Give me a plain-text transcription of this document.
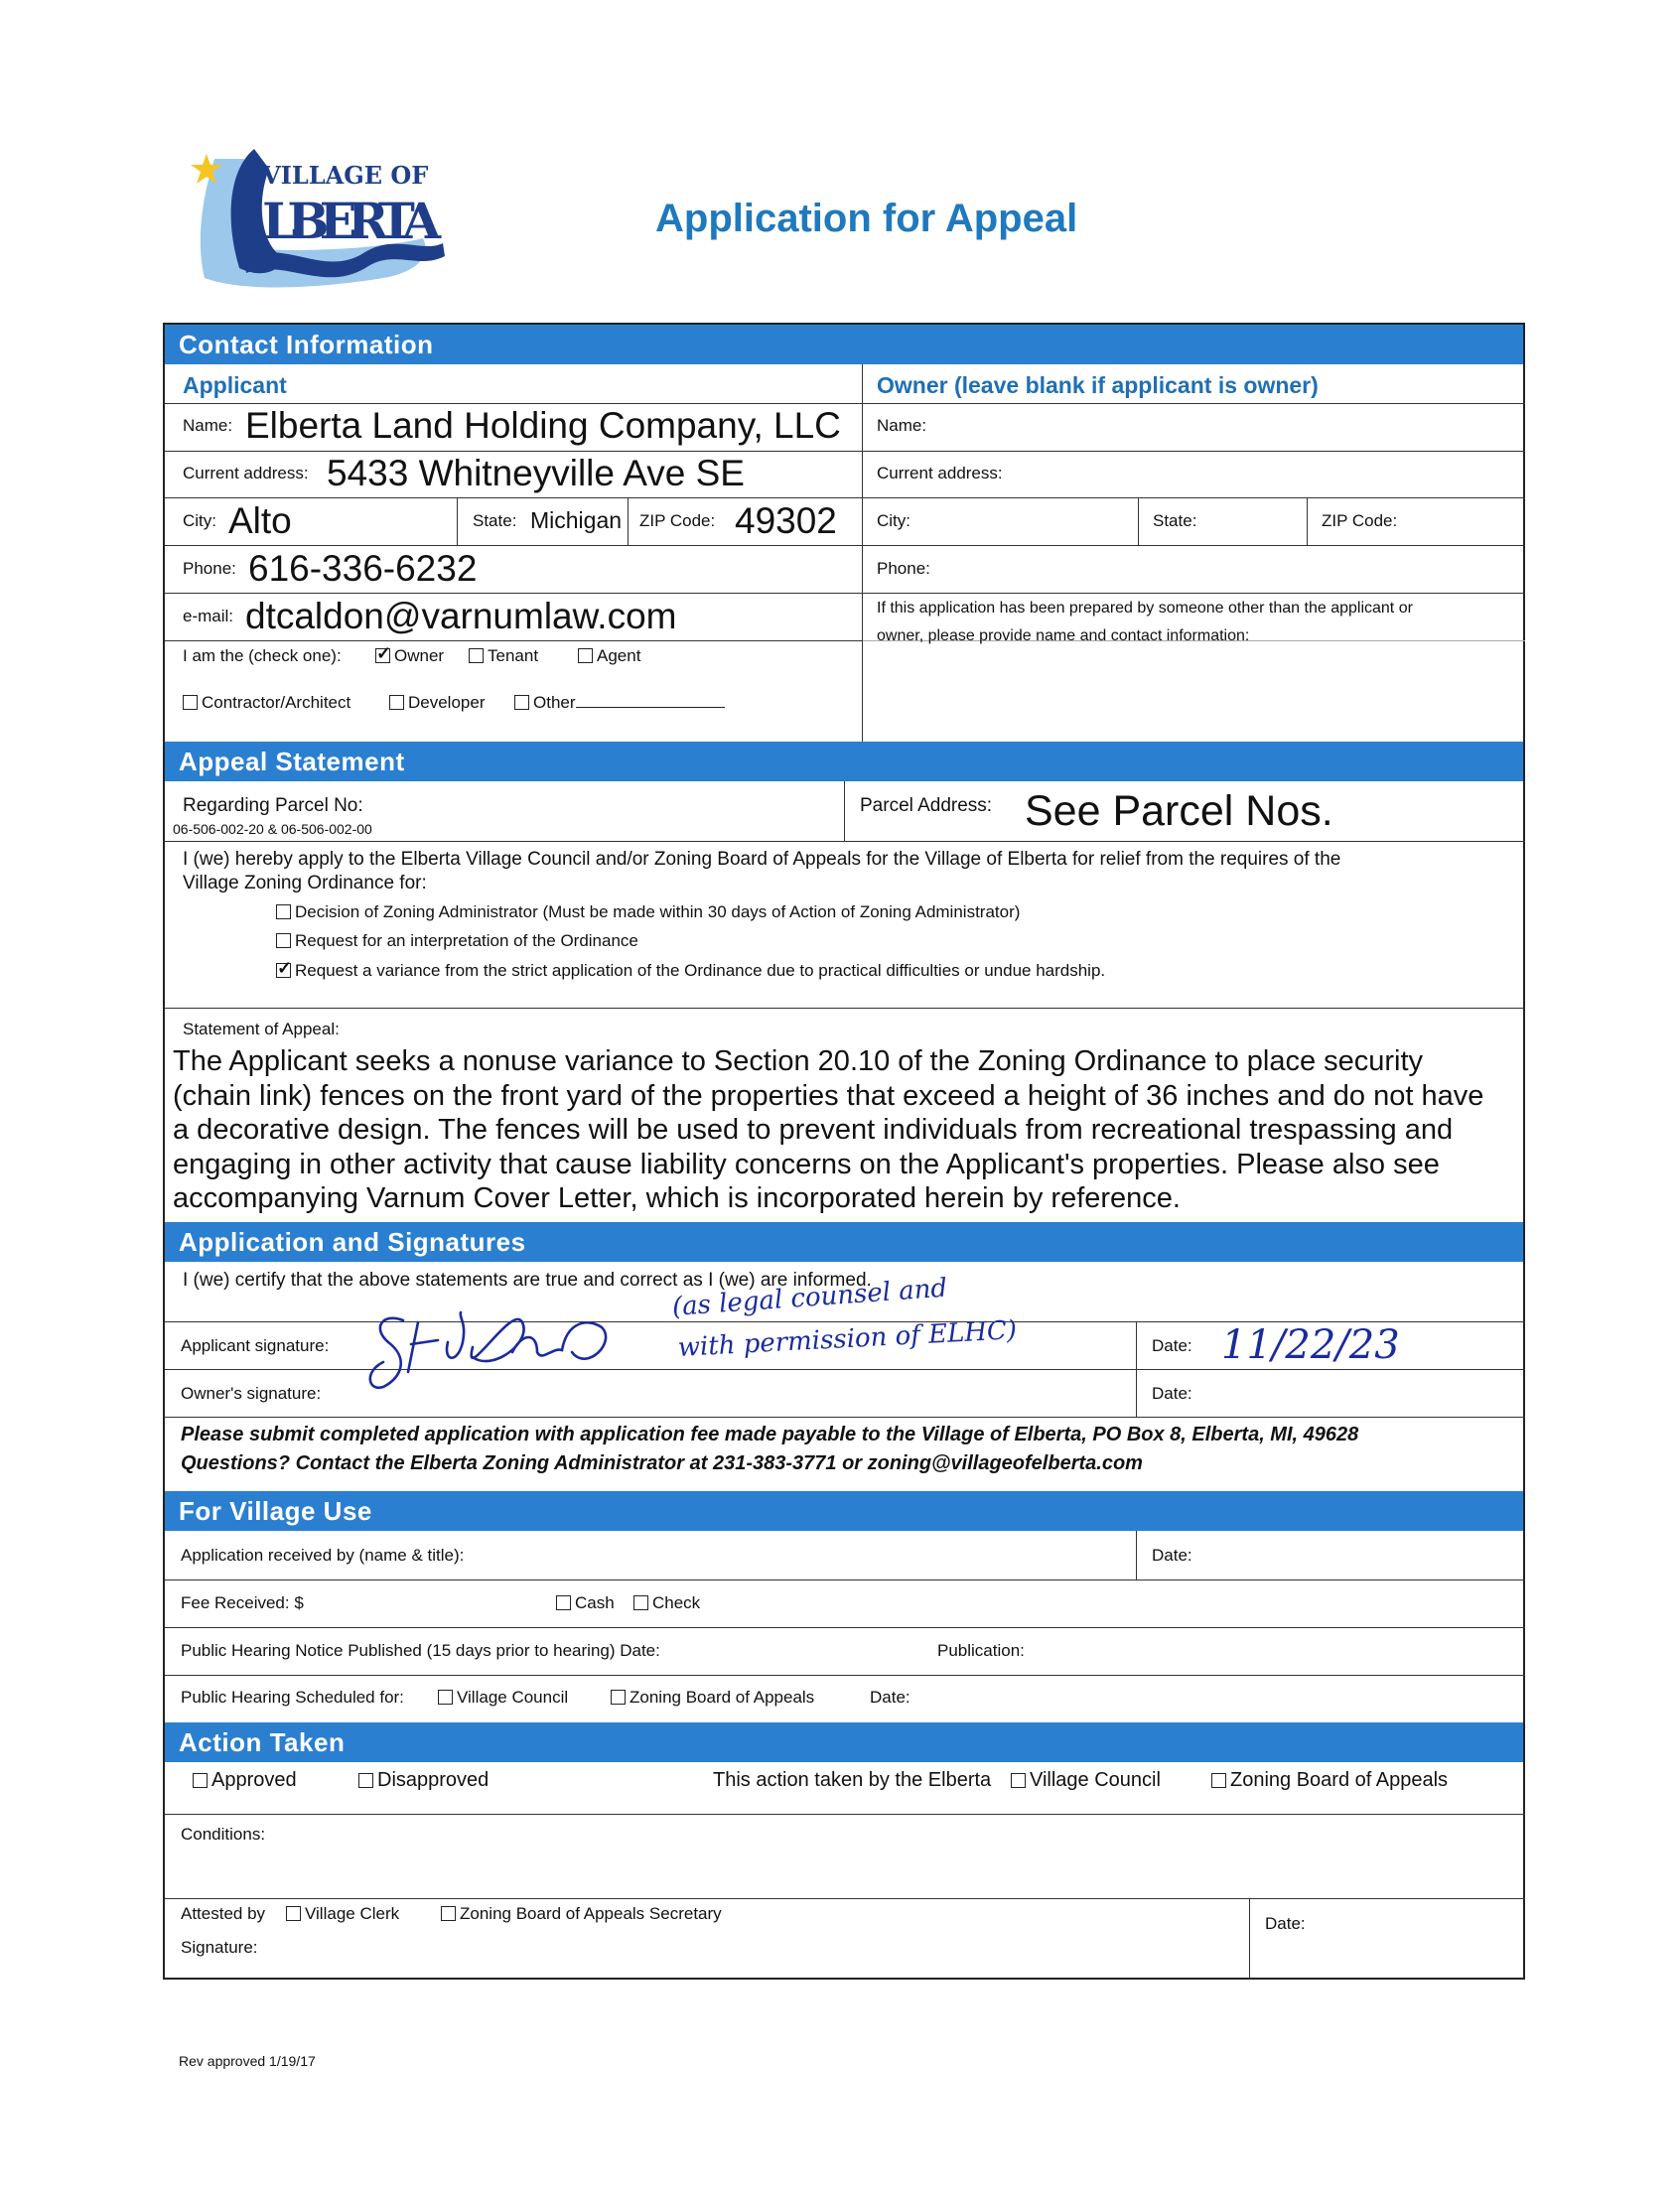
VILLAGE OF
LBERTA	Application for Appeal
Contact Information
Applicant	Owner (leave blank if applicant is owner)
Name: Elberta Land Holding Company, LLC
Current address: 5433 Whitneyville Ave SE
City: Alto	State: Michigan ZIP Code: 49302
Phone: 616-336-6232
e-mail: dtcaldon@varnumlaw.com
I am the (check one):
✓	Owner	Tenant	Agent
Contractor/Architect	Developer	Other
Name:
Current address:
City:	State:	ZIP Code:
Phone:
If this application has been prepared by someone other than the applicant or
owner, please provide name and contact information:
Appeal Statement
Regarding Parcel No:
06-506-002-20 & 06-506-002-00
Parcel Address: See Parcel Nos.
I (we) hereby apply to the Elberta Village Council and/or Zoning Board of Appeals for the Village of Elberta for relief from the requires of the
Village Zoning Ordinance for:
Decision of Zoning Administrator (Must be made within 30 days of Action of Zoning Administrator)
Request for an interpretation of the Ordinance
✓Request a variance from the strict application of the Ordinance due to practical difficulties or undue hardship.
Statement of Appeal:
The Applicant seeks a nonuse variance to Section 20.10 of the Zoning Ordinance to place security
(chain link) fences on the front yard of the properties that exceed a height of 36 inches and do not have
a decorative design. The fences will be used to prevent individuals from recreational trespassing and
engaging in other activity that cause liability concerns on the Applicant's properties. Please also see
accompanying Varnum Cover Letter, which is incorporated herein by reference.
Application and Signatures
I (we) certify that the above statements are true and correct as I (we) are informed.
Applicant signature:
Owner's signature:
Date:
Date:
(as legal counsel and
with permission of ELHC)	11/22/23
Please submit completed application with application fee made payable to the Village of Elberta, PO Box 8, Elberta, MI, 49628
Questions? Contact the Elberta Zoning Administrator at 231-383-3771 or zoning@villageofelberta.com
For Village Use
Application received by (name & title):	Date:
Fee Received: $	Cash	Check
Public Hearing Notice Published (15 days prior to hearing) Date:	Publication:
Public Hearing Scheduled for:	Village Council	Zoning Board of Appeals	Date:
Action Taken
Approved	Disapproved	This action taken by the Elberta	Village Council	Zoning Board of Appeals
Conditions:
Attested by	Village Clerk	Zoning Board of Appeals Secretary
Signature:
Date:
Rev approved 1/19/17
